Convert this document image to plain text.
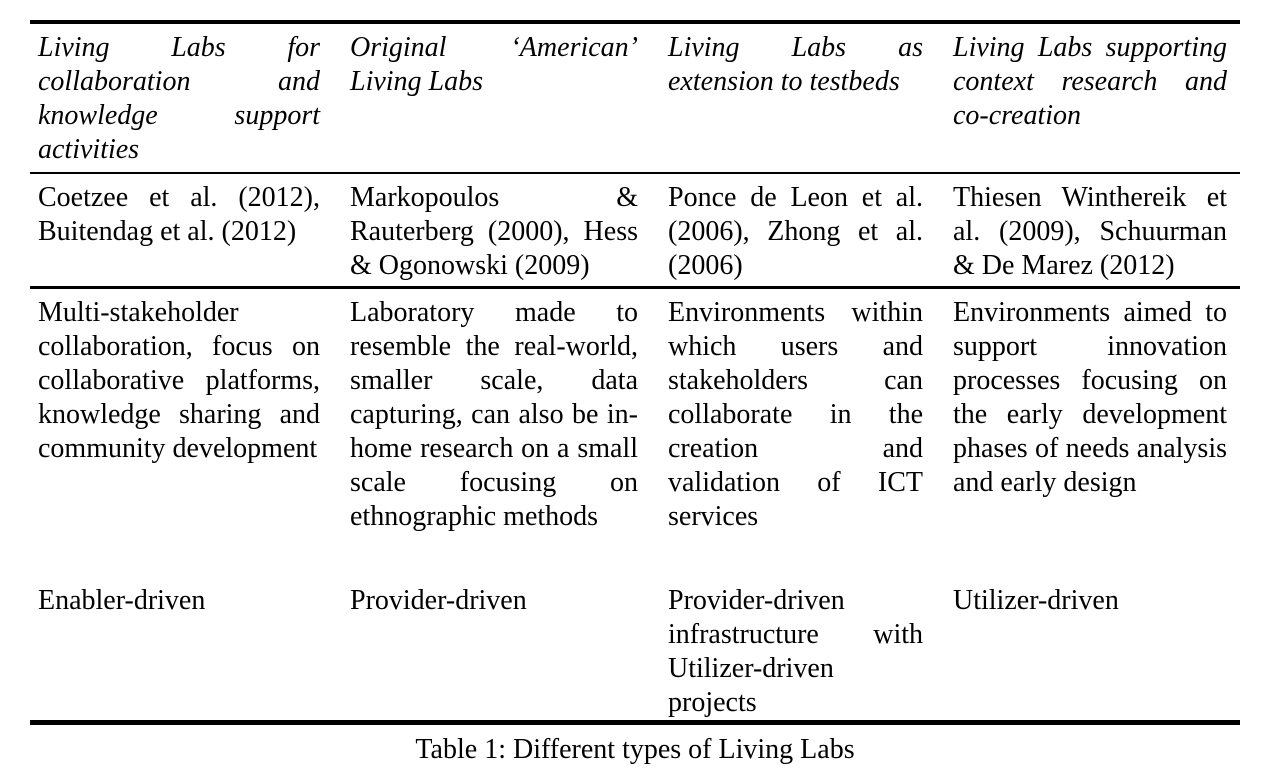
Living Labs for collaboration and knowledge support activities	Original ‘American’ Living Labs	Living Labs as extension to testbeds	Living Labs supporting context research and co-creation
Coetzee et al. (2012), Buitendag et al. (2012)	Markopoulos & Rauterberg (2000), Hess & Ogonowski (2009)	Ponce de Leon et al. (2006), Zhong et al. (2006)	Thiesen Winthereik et al. (2009), Schuurman & De Marez (2012)
Multi-stakeholder collaboration, focus on collaborative platforms, knowledge sharing and community development	Laboratory made to resemble the real-world, smaller scale, data capturing, can also be in-home research on a small scale focusing on ethnographic methods	Environments within which users and stakeholders can collaborate in the creation and validation of ICT services	Environments aimed to support innovation processes focusing on the early development phases of needs analysis and early design
Enabler-driven	Provider-driven	Provider-driven infrastructure with Utilizer-driven projects	Utilizer-driven
Table 1: Different types of Living Labs
